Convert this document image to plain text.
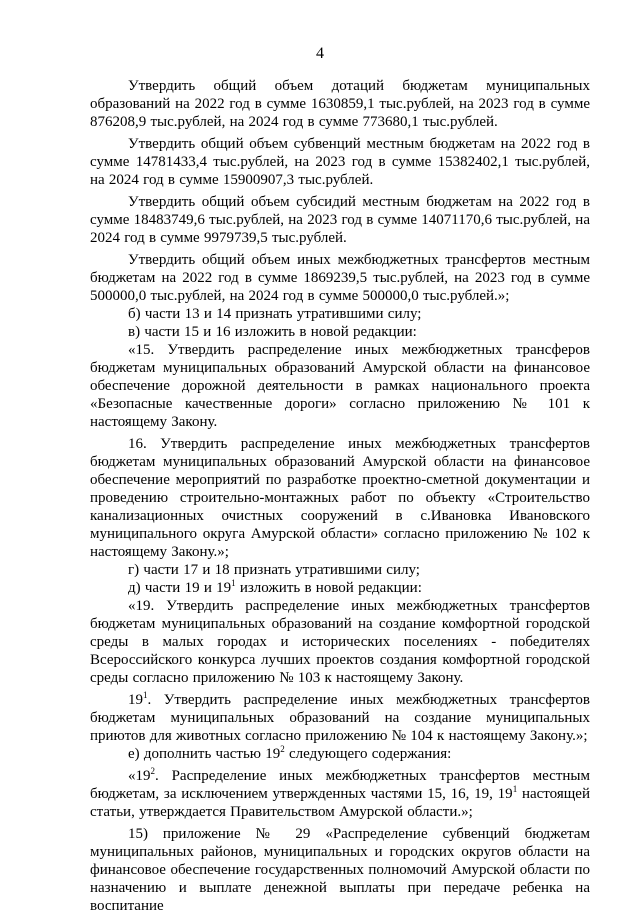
4

Утвердить общий объем дотаций бюджетам муниципальных образований на 2022 год в сумме 1630859,1 тыс.рублей, на 2023 год в сумме 876208,9 тыс.рублей, на 2024 год в сумме 773680,1 тыс.рублей.

Утвердить общий объем субвенций местным бюджетам на 2022 год в сумме 14781433,4 тыс.рублей, на 2023 год в сумме 15382402,1 тыс.рублей, на 2024 год в сумме 15900907,3 тыс.рублей.

Утвердить общий объем субсидий местным бюджетам на 2022 год в сумме 18483749,6 тыс.рублей, на 2023 год в сумме 14071170,6 тыс.рублей, на 2024 год в сумме 9979739,5 тыс.рублей.

Утвердить общий объем иных межбюджетных трансфертов местным бюджетам на 2022 год в сумме 1869239,5 тыс.рублей, на 2023 год в сумме 500000,0 тыс.рублей, на 2024 год в сумме 500000,0 тыс.рублей.»;

б) части 13 и 14 признать утратившими силу;

в) части 15 и 16 изложить в новой редакции:

«15. Утвердить распределение иных межбюджетных трансферов бюджетам муниципальных образований Амурской области на финансовое обеспечение дорожной деятельности в рамках национального проекта «Безопасные качественные дороги» согласно приложению № 101 к настоящему Закону.

16. Утвердить распределение иных межбюджетных трансфертов бюджетам муниципальных образований Амурской области на финансовое обеспечение мероприятий по разработке проектно-сметной документации и проведению строительно-монтажных работ по объекту «Строительство канализационных очистных сооружений в с.Ивановка Ивановского муниципального округа Амурской области» согласно приложению № 102 к настоящему Закону.»;

г) части 17 и 18 признать утратившими силу;

д) части 19 и $19^1$ изложить в новой редакции:

«19. Утвердить распределение иных межбюджетных трансфертов бюджетам муниципальных образований на создание комфортной городской среды в малых городах и исторических поселениях - победителях Всероссийского конкурса лучших проектов создания комфортной городской среды согласно приложению № 103 к настоящему Закону.

$19^1$. Утвердить распределение иных межбюджетных трансфертов бюджетам муниципальных образований на создание муниципальных приютов для животных согласно приложению № 104 к настоящему Закону.»;

е) дополнить частью $19^2$ следующего содержания:

«$19^2$. Распределение иных межбюджетных трансфертов местным бюджетам, за исключением утвержденных частями 15, 16, 19, $19^1$ настоящей статьи, утверждается Правительством Амурской области.»;

15) приложение № 29 «Распределение субвенций бюджетам муниципальных районов, муниципальных и городских округов области на финансовое обеспечение государственных полномочий Амурской области по назначению и выплате денежной выплаты при передаче ребенка на воспитание
